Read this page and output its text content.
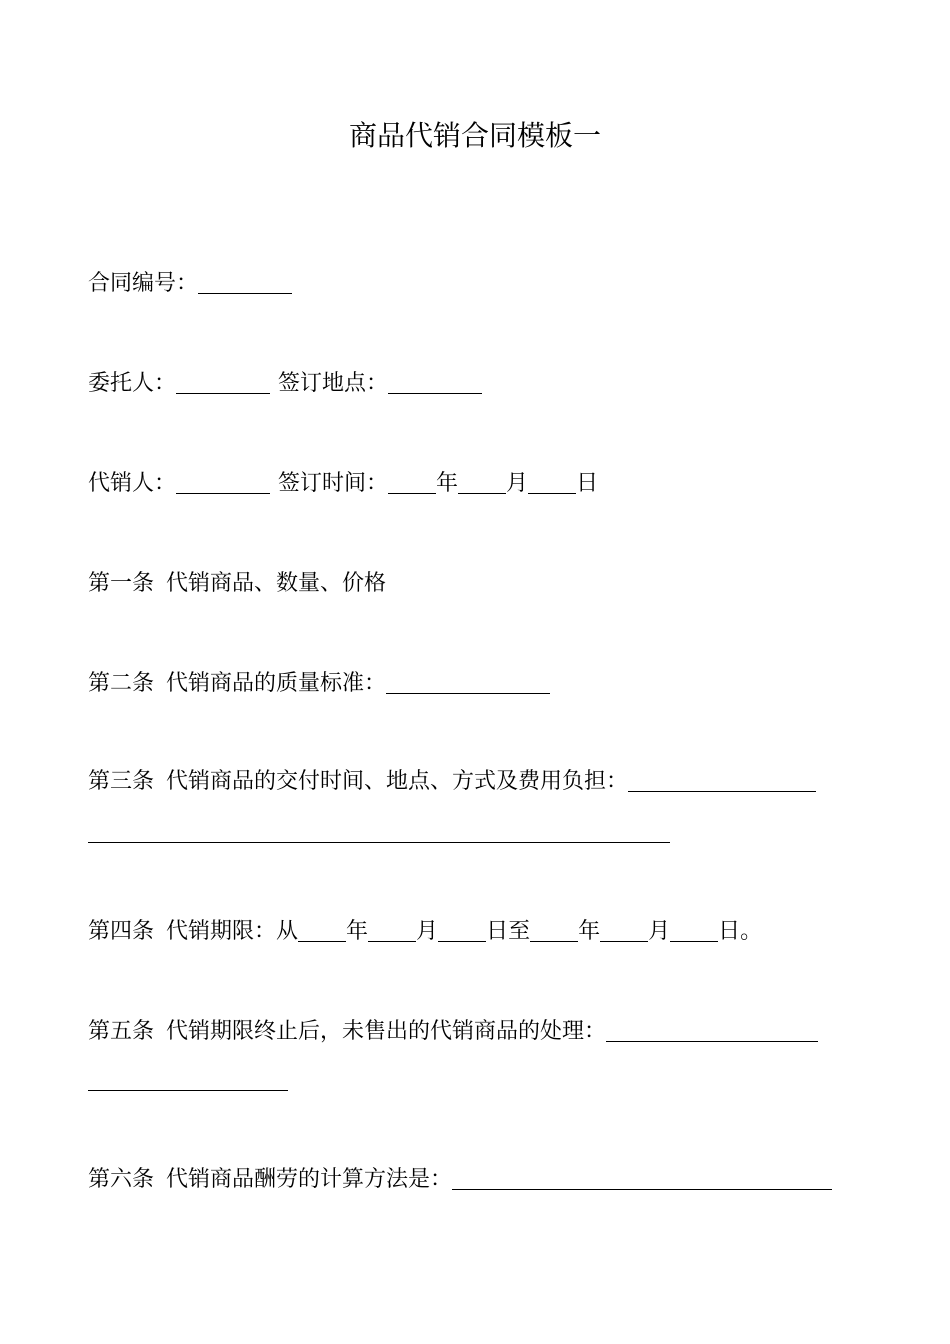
商品代销合同模板一
合同编号：
委托人：	签订地点：
代销人：	签订时间： 年 月 日
第一条 代销商品、数量、价格
第二条 代销商品的质量标准：
第三条 代销商品的交付时间、地点、方式及费用负担：
第四条 代销期限：从 年 月 日至 年 月 日。
第五条 代销期限终止后，未售出的代销商品的处理：
第六条 代销商品酬劳的计算方法是：
